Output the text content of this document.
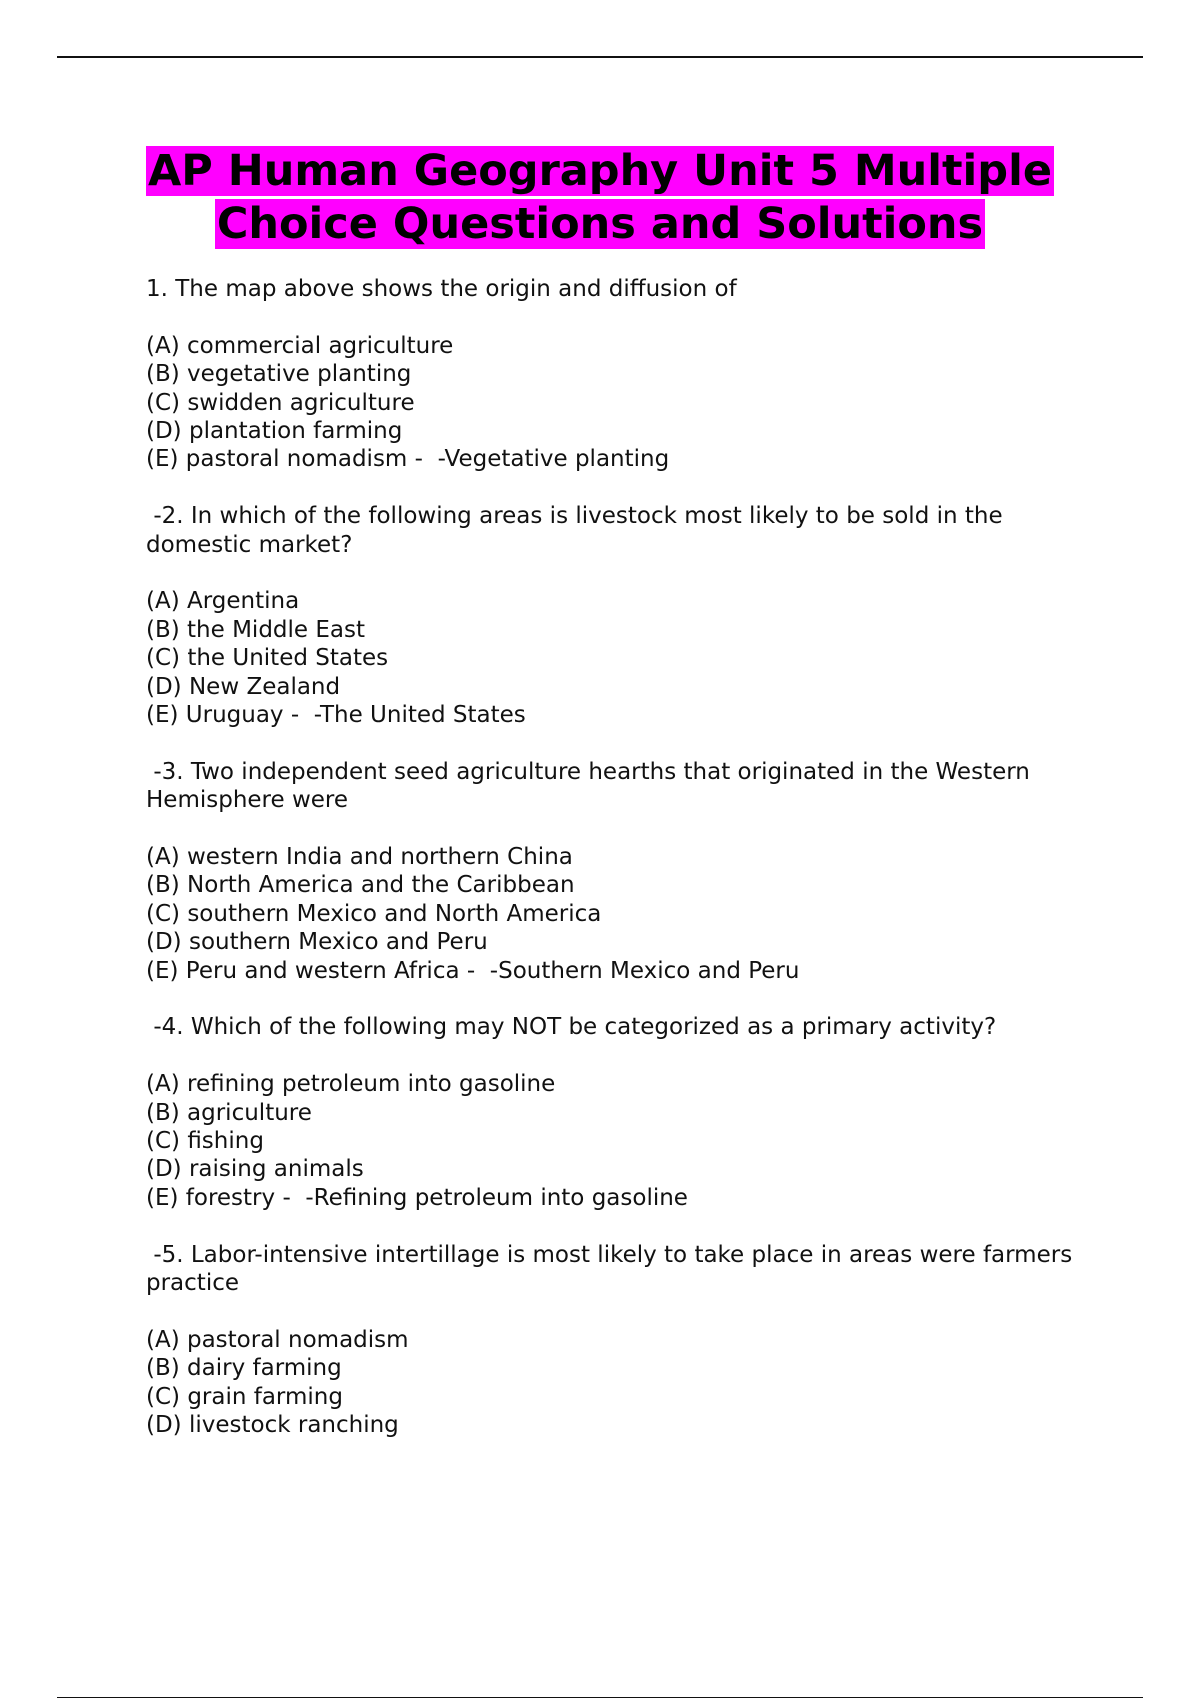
AP Human Geography Unit 5 Multiple Choice Questions and Solutions

1. The map above shows the origin and diffusion of

(A) commercial agriculture

(B) vegetative planting

(C) swidden agriculture

(D) plantation farming

(E) pastoral nomadism -  -Vegetative planting

-2. In which of the following areas is livestock most likely to be sold in the domestic market?

(A) Argentina

(B) the Middle East

(C) the United States

(D) New Zealand

(E) Uruguay -  -The United States

-3. Two independent seed agriculture hearths that originated in the Western Hemisphere were

(A) western India and northern China

(B) North America and the Caribbean

(C) southern Mexico and North America

(D) southern Mexico and Peru

(E) Peru and western Africa -  -Southern Mexico and Peru

-4. Which of the following may NOT be categorized as a primary activity?

(A) refining petroleum into gasoline

(B) agriculture

(C) fishing

(D) raising animals

(E) forestry -  -Refining petroleum into gasoline

-5. Labor-intensive intertillage is most likely to take place in areas were farmers practice

(A) pastoral nomadism

(B) dairy farming

(C) grain farming

(D) livestock ranching
